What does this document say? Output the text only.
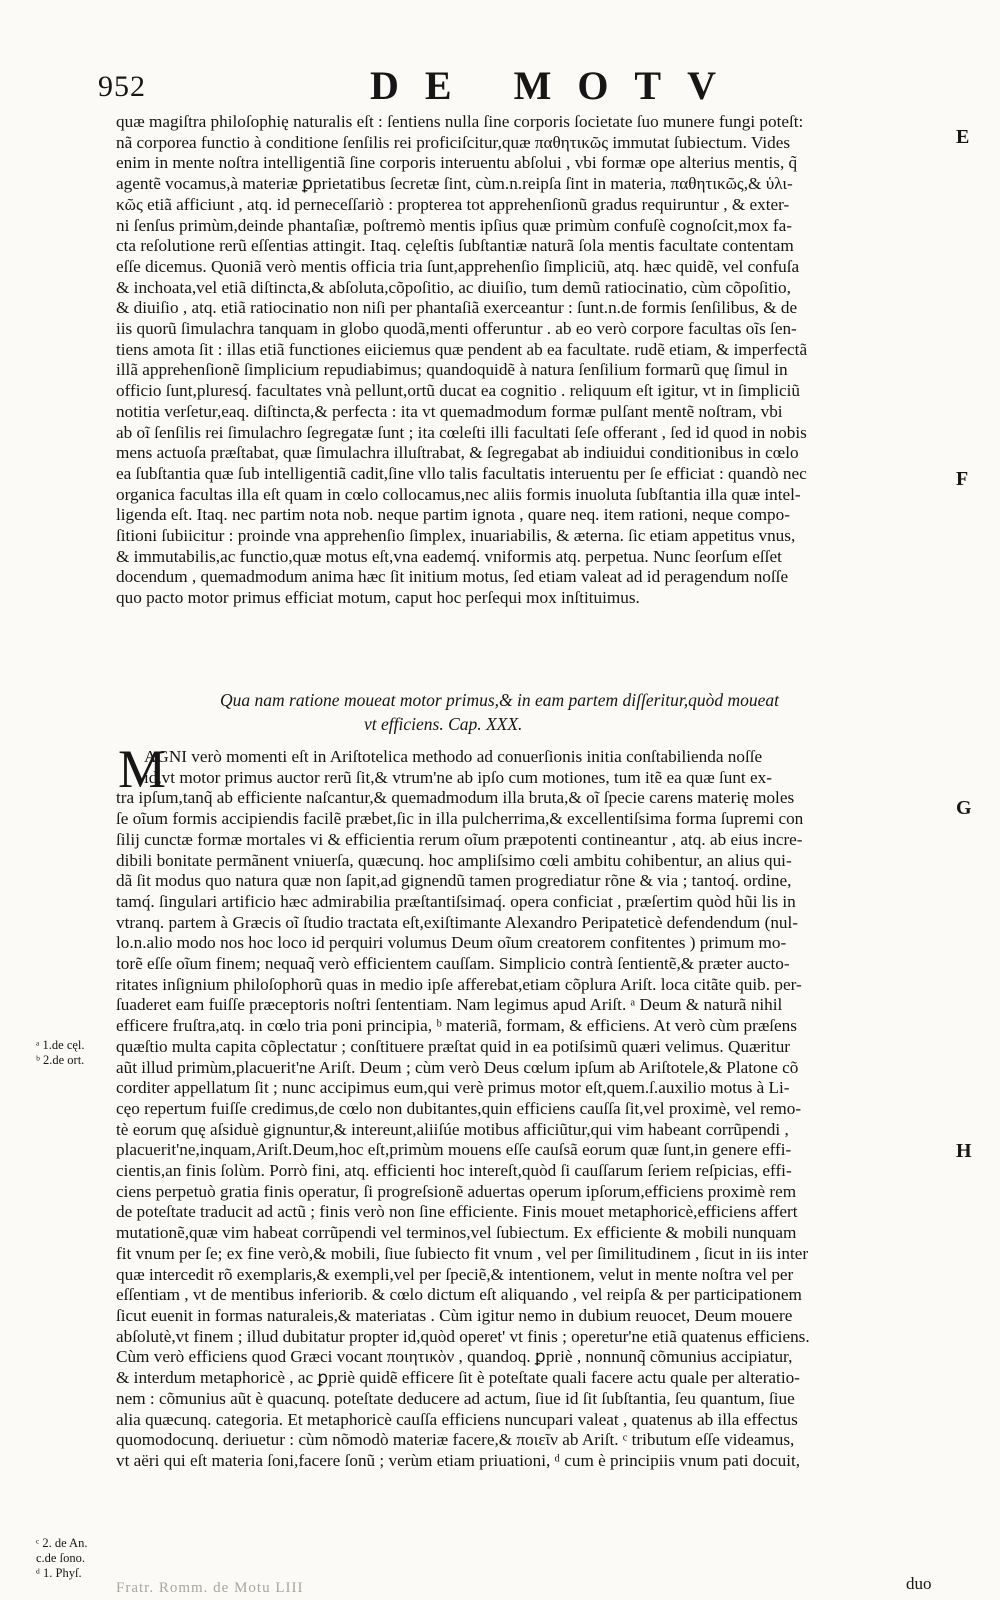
952	DE MOTV
quæ magiſtra philoſophię naturalis eſt : ſentiens nulla ſine corporis ſocietate ſuo munere fungi poteſt:
nã corporea functio à conditione ſenſilis rei proficiſcitur,quæ παθητικῶς immutat ſubiectum. Vides
enim in mente noſtra intelligentiã ſine corporis interuentu abſolui , vbi formæ ope alterius mentis, q̃
agentẽ vocamus,à materiæ ꝑprietatibus ſecretæ ſint, cùm.n.reipſa ſint in materia, παθητικῶς,& ὑλι-
κῶς etiã afficiunt , atq. id perneceſſariò : propterea tot apprehenſionũ gradus requiruntur , & exter-
ni ſenſus primùm,deinde phantaſiæ, poſtremò mentis ipſius quæ primùm confuſè cognoſcit,mox fa-
cta reſolutione rerũ eſſentias attingit. Itaq. cęleſtis ſubſtantiæ naturã ſola mentis facultate contentam
eſſe dicemus. Quoniã verò mentis officia tria ſunt,apprehenſio ſimpliciũ, atq. hæc quidẽ, vel confuſa
& inchoata,vel etiã diſtincta,& abſoluta,cõpoſitio, ac diuiſio, tum demũ ratiocinatio, cùm cõpoſitio,
& diuiſio , atq. etiã ratiocinatio non niſi per phantaſiã exerceantur : ſunt.n.de formis ſenſilibus, & de
iis quorũ ſimulachra tanquam in globo quodã,menti offeruntur . ab eo verò corpore facultas oĩs ſen-
tiens amota ſit : illas etiã functiones eiiciemus quæ pendent ab ea facultate. rudẽ etiam, & imperfectã
illã apprehenſionẽ ſimplicium repudiabimus; quandoquidẽ à natura ſenſilium formarũ quę ſimul in
officio ſunt,pluresq́. facultates vnà pellunt,ortũ ducat ea cognitio . reliquum eſt igitur, vt in ſimpliciũ
notitia verſetur,eaq. diſtincta,& perfecta : ita vt quemadmodum formæ pulſant mentẽ noſtram, vbi
ab oĩ ſenſilis rei ſimulachro ſegregatæ ſunt ; ita cœleſti illi facultati ſeſe offerant , ſed id quod in nobis
mens actuoſa præſtabat, quæ ſimulachra illuſtrabat, & ſegregabat ab indiuidui conditionibus in cœlo
ea ſubſtantia quæ ſub intelligentiã cadit,ſine vllo talis facultatis interuentu per ſe efficiat : quandò nec
organica facultas illa eſt quam in cœlo collocamus,nec aliis formis inuoluta ſubſtantia illa quæ intel-
ligenda eſt. Itaq. nec partim nota nob. neque partim ignota , quare neq. item rationi, neque compo-
ſitioni ſubiicitur : proinde vna apprehenſio ſimplex, inuariabilis, & æterna. ſic etiam appetitus vnus,
& immutabilis,ac functio,quæ motus eſt,vna eademq́. vniformis atq. perpetua. Nunc ſeorſum eſſet
docendum , quemadmodum anima hæc ſit initium motus, ſed etiam valeat ad id peragendum noſſe
quo pacto motor primus efficiat motum, caput hoc perſequi mox inſtituimus.
Qua nam ratione moueat motor primus,& in eam partem diſſeritur,quòd moueat
vt efficiens. Cap. XXX.
M
AGNI verò momenti eſt in Ariſtotelica methodo ad conuerſionis initia conſtabilienda noſſe
id,vt motor primus auctor rerũ ſit,& vtrum'ne ab ipſo cum motiones, tum itẽ ea quæ ſunt ex-
tra ipſum,tanq̃ ab efficiente naſcantur,& quemadmodum illa bruta,& oĩ ſpecie carens materię moles
ſe oĩum formis accipiendis facilẽ præbet,ſic in illa pulcherrima,& excellentiſsima forma ſupremi con
ſilij cunctæ formæ mortales vi & efficientia rerum oĩum præpotenti contineantur , atq. ab eius incre-
dibili bonitate permãnent vniuerſa, quæcunq. hoc ampliſsimo cœli ambitu cohibentur, an alius qui-
dã ſit modus quo natura quæ non ſapit,ad gignendũ tamen progrediatur rõne & via ; tantoq́. ordine,
tamq́. ſingulari artificio hæc admirabilia præſtantiſsimaq́. opera conficiat , præſertim quòd hũi lis in
vtranq. partem à Græcis oĩ ſtudio tractata eſt,exiſtimante Alexandro Peripateticè defendendum (nul-
lo.n.alio modo nos hoc loco id perquiri volumus Deum oĩum creatorem confitentes ) primum mo-
torẽ eſſe oĩum finem; nequaq̃ verò efficientem cauſſam. Simplicio contrà ſentientẽ,& præter aucto-
ritates inſignium philoſophorũ quas in medio ipſe afferebat,etiam cõplura Ariſt. loca citãte quib. per-
ſuaderet eam fuiſſe præceptoris noſtri ſententiam. Nam legimus apud Ariſt. ᵃ Deum & naturã nihil
efficere fruſtra,atq. in cœlo tria poni principia, ᵇ materiã, formam, & efficiens. At verò cùm præſens
quæſtio multa capita cõplectatur ; conſtituere præſtat quid in ea potiſsimũ quæri velimus. Quæritur
aũt illud primùm,placuerit'ne Ariſt. Deum ; cùm verò Deus cœlum ipſum ab Ariſtotele,& Platone cõ
corditer appellatum ſit ; nunc accipimus eum,qui verè primus motor eſt,quem.ſ.auxilio motus à Li-
cęo repertum fuiſſe credimus,de cœlo non dubitantes,quin efficiens cauſſa ſit,vel proximè, vel remo-
tè eorum quę aſsiduè gignuntur,& intereunt,aliiſúe motibus afficiũtur,qui vim habeant corrũpendi ,
placuerit'ne,inquam,Ariſt.Deum,hoc eſt,primùm mouens eſſe cauſsã eorum quæ ſunt,in genere effi-
cientis,an finis ſolùm. Porrò fini, atq. efficienti hoc intereſt,quòd ſi cauſſarum ſeriem reſpicias, effi-
ciens perpetuò gratia finis operatur, ſi progreſsionẽ aduertas operum ipſorum,efficiens proximè rem
de poteſtate traducit ad actũ ; finis verò non ſine efficiente. Finis mouet metaphoricè,efficiens affert
mutationẽ,quæ vim habeat corrũpendi vel terminos,vel ſubiectum. Ex efficiente & mobili nunquam
fit vnum per ſe; ex fine verò,& mobili, ſiue ſubiecto fit vnum , vel per ſimilitudinem , ſicut in iis inter
quæ intercedit rõ exemplaris,& exempli,vel per ſpeciẽ,& intentionem, velut in mente noſtra vel per
eſſentiam , vt de mentibus inferiorib. & cœlo dictum eſt aliquando , vel reipſa & per participationem
ſicut euenit in formas naturaleis,& materiatas . Cùm igitur nemo in dubium reuocet, Deum mouere
abſolutè,vt finem ; illud dubitatur propter id,quòd operet' vt finis ; operetur'ne etiã quatenus efficiens.
Cùm verò efficiens quod Græci vocant ποιητικὸν , quandoq. ꝑpriè , nonnunq̃ cõmunius accipiatur,
& interdum metaphoricè , ac ꝑpriè quidẽ efficere ſit è poteſtate quali facere actu quale per alteratio-
nem : cõmunius aũt è quacunq. poteſtate deducere ad actum, ſiue id ſit ſubſtantia, ſeu quantum, ſiue
alia quæcunq. categoria. Et metaphoricè cauſſa efficiens nuncupari valeat , quatenus ab illa effectus
quomodocunq. deriuetur : cùm nõmodò materiæ facere,& ποιεῖν ab Ariſt. ᶜ tributum eſſe videamus,
vt aëri qui eſt materia ſoni,facere ſonũ ; verùm etiam priuationi, ᵈ cum è principiis vnum pati docuit,
E
F
G
H
ᵃ 1.de cęl.
ᵇ 2.de ort.
ᶜ 2. de An.
c.de ſono.
ᵈ 1. Phyſ.
Fratr. Romm. de Motu LIII	duo
